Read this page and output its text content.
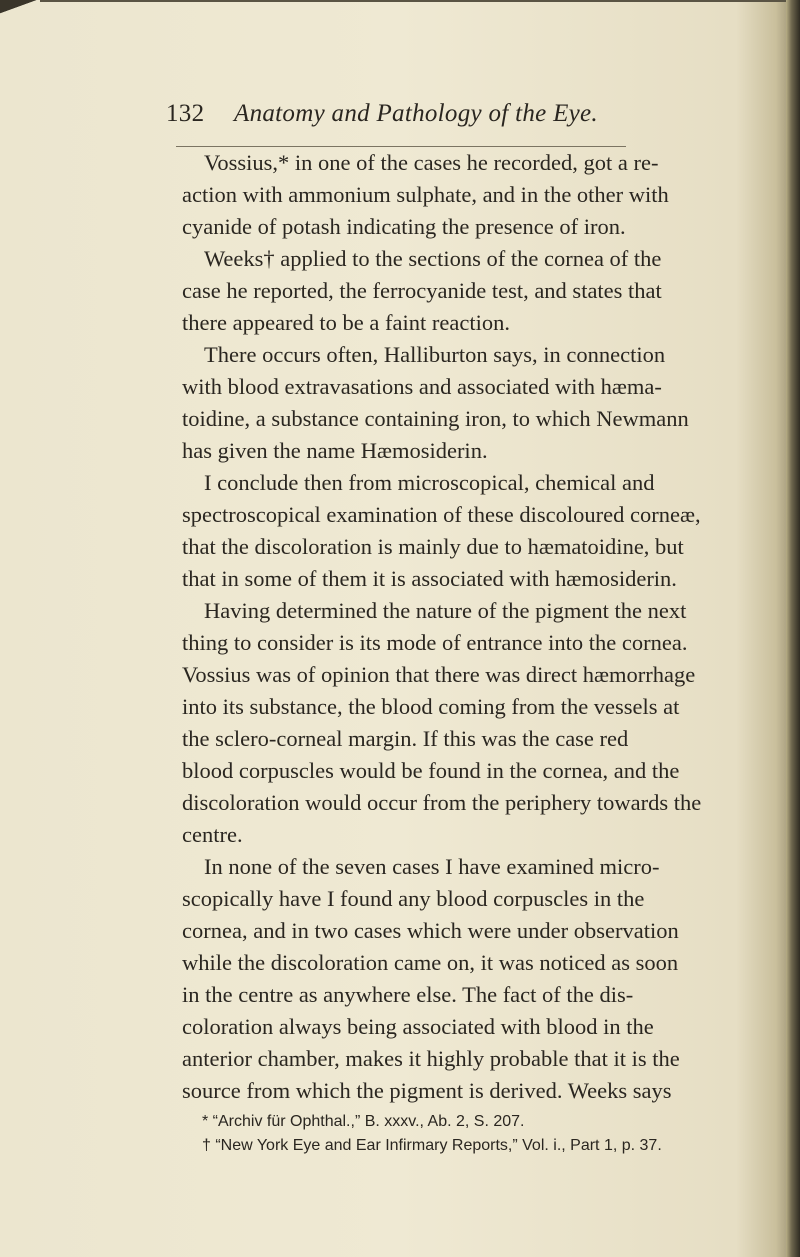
132 Anatomy and Pathology of the Eye.
Vossius,* in one of the cases he recorded, got a re-
action with ammonium sulphate, and in the other with
cyanide of potash indicating the presence of iron.
Weeks† applied to the sections of the cornea of the
case he reported, the ferrocyanide test, and states that
there appeared to be a faint reaction.
There occurs often, Halliburton says, in connection
with blood extravasations and associated with hæma-
toidine, a substance containing iron, to which Newmann
has given the name Hæmosiderin.
I conclude then from microscopical, chemical and
spectroscopical examination of these discoloured corneæ,
that the discoloration is mainly due to hæmatoidine, but
that in some of them it is associated with hæmosiderin.
Having determined the nature of the pigment the next
thing to consider is its mode of entrance into the cornea.
Vossius was of opinion that there was direct hæmorrhage
into its substance, the blood coming from the vessels at
the sclero-corneal margin. If this was the case red
blood corpuscles would be found in the cornea, and the
discoloration would occur from the periphery towards the
centre.
In none of the seven cases I have examined micro-
scopically have I found any blood corpuscles in the
cornea, and in two cases which were under observation
while the discoloration came on, it was noticed as soon
in the centre as anywhere else. The fact of the dis-
coloration always being associated with blood in the
anterior chamber, makes it highly probable that it is the
source from which the pigment is derived. Weeks says
* “Archiv für Ophthal.,” B. xxxv., Ab. 2, S. 207.
† “New York Eye and Ear Infirmary Reports,” Vol. i., Part 1, p. 37.
